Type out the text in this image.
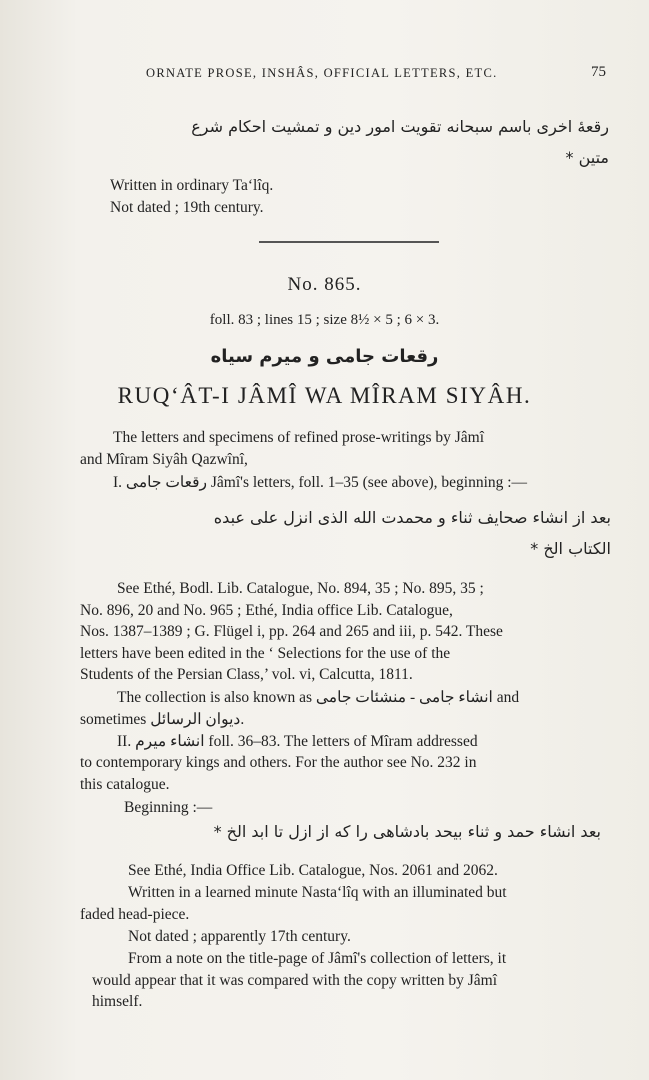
ORNATE PROSE, INSHÂS, OFFICIAL LETTERS, ETC.	75
رقعۀ اخری باسم سبحانه تقویت امور دین و تمشیت احکام شرع
متین *
Written in ordinary Ta‘lîq.
Not dated ; 19th century.
No. 865.
foll. 83 ; lines 15 ; size 8½ × 5 ; 6 × 3.
رقعات جامی و میرم سیاه
RUQ‘ÂT-I JÂMÎ WA MÎRAM SIYÂH.
The letters and specimens of refined prose-writings by Jâmî
and Mîram Siyâh Qazwînî,
I. رقعات جامی Jâmî's letters, foll. 1–35 (see above), beginning :—
بعد از انشاء صحایف ثناء و محمدت الله الذی انزل علی عبده
الکتاب الخ *
See Ethé, Bodl. Lib. Catalogue, No. 894, 35 ; No. 895, 35 ;
No. 896, 20 and No. 965 ; Ethé, India office Lib. Catalogue,
Nos. 1387–1389 ; G. Flügel i, pp. 264 and 265 and iii, p. 542. These
letters have been edited in the ‘ Selections for the use of the
Students of the Persian Class,’ vol. vi, Calcutta, 1811.
The collection is also known as انشاء جامی - منشئات جامی and
sometimes دیوان الرسائل.
II. انشاء میرم foll. 36–83. The letters of Mîram addressed
to contemporary kings and others. For the author see No. 232 in
this catalogue.
Beginning :—
بعد انشاء حمد و ثناء بیحد بادشاهی را که از ازل تا ابد الخ *
See Ethé, India Office Lib. Catalogue, Nos. 2061 and 2062.
Written in a learned minute Nasta‘lîq with an illuminated but
faded head-piece.
Not dated ; apparently 17th century.
From a note on the title-page of Jâmî's collection of letters, it
would appear that it was compared with the copy written by Jâmî
himself.
